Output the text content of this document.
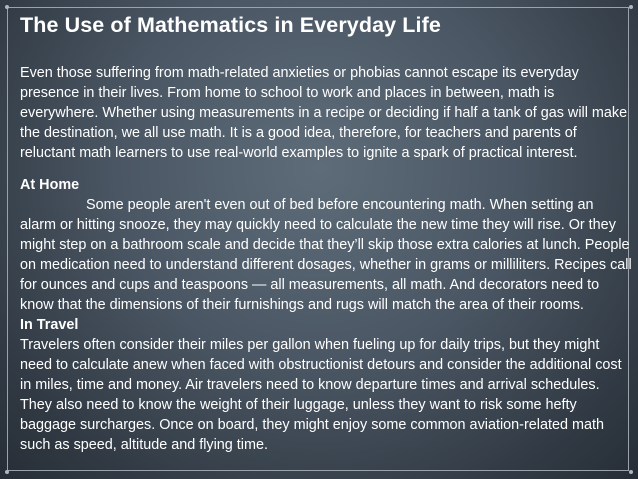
The Use of Mathematics in Everyday Life

Even those suffering from math-related anxieties or phobias cannot escape its everyday presence in their lives. From home to school to work and places in between, math is everywhere. Whether using measurements in a recipe or deciding if half a tank of gas will make the destination, we all use math. It is a good idea, therefore, for teachers and parents of reluctant math learners to use real-world examples to ignite a spark of practical interest.

At Home

Some people aren't even out of bed before encountering math. When setting an alarm or hitting snooze, they may quickly need to calculate the new time they will rise. Or they might step on a bathroom scale and decide that they’ll skip those extra calories at lunch. People on medication need to understand different dosages, whether in grams or milliliters. Recipes call for ounces and cups and teaspoons — all measurements, all math. And decorators need to know that the dimensions of their furnishings and rugs will match the area of their rooms.

In Travel

Travelers often consider their miles per gallon when fueling up for daily trips, but they might need to calculate anew when faced with obstructionist detours and consider the additional cost in miles, time and money. Air travelers need to know departure times and arrival schedules. They also need to know the weight of their luggage, unless they want to risk some hefty baggage surcharges. Once on board, they might enjoy some common aviation-related math such as speed, altitude and flying time.
